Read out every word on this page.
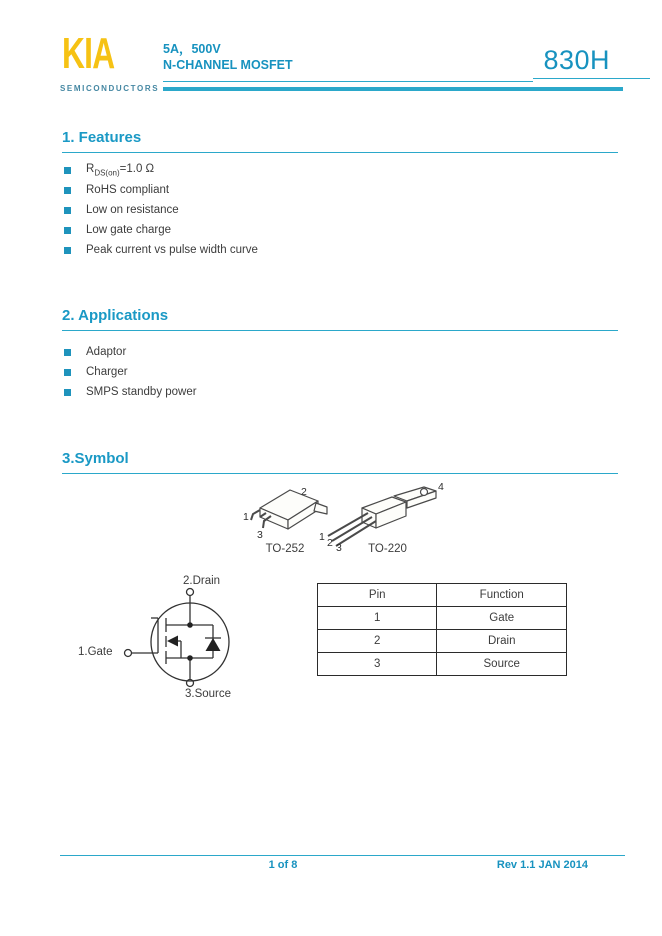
KIA
SEMICONDUCTORS
5A，500V
N-CHANNEL MOSFET	830H
1. Features
$R_{DS(on)}=1.0$ Ω
RoHS compliant
Low on resistance
Low gate charge
Peak current vs pulse width curve
2. Applications
Adaptor
Charger
SMPS standby power
3.Symbol
2
1
3
TO-252
4
1 2 3	TO-220
2.Drain
1.Gate
3.Source
Pin	Function
1	Gate
2	Drain
3	Source
1 of 8	Rev 1.1 JAN 2014
